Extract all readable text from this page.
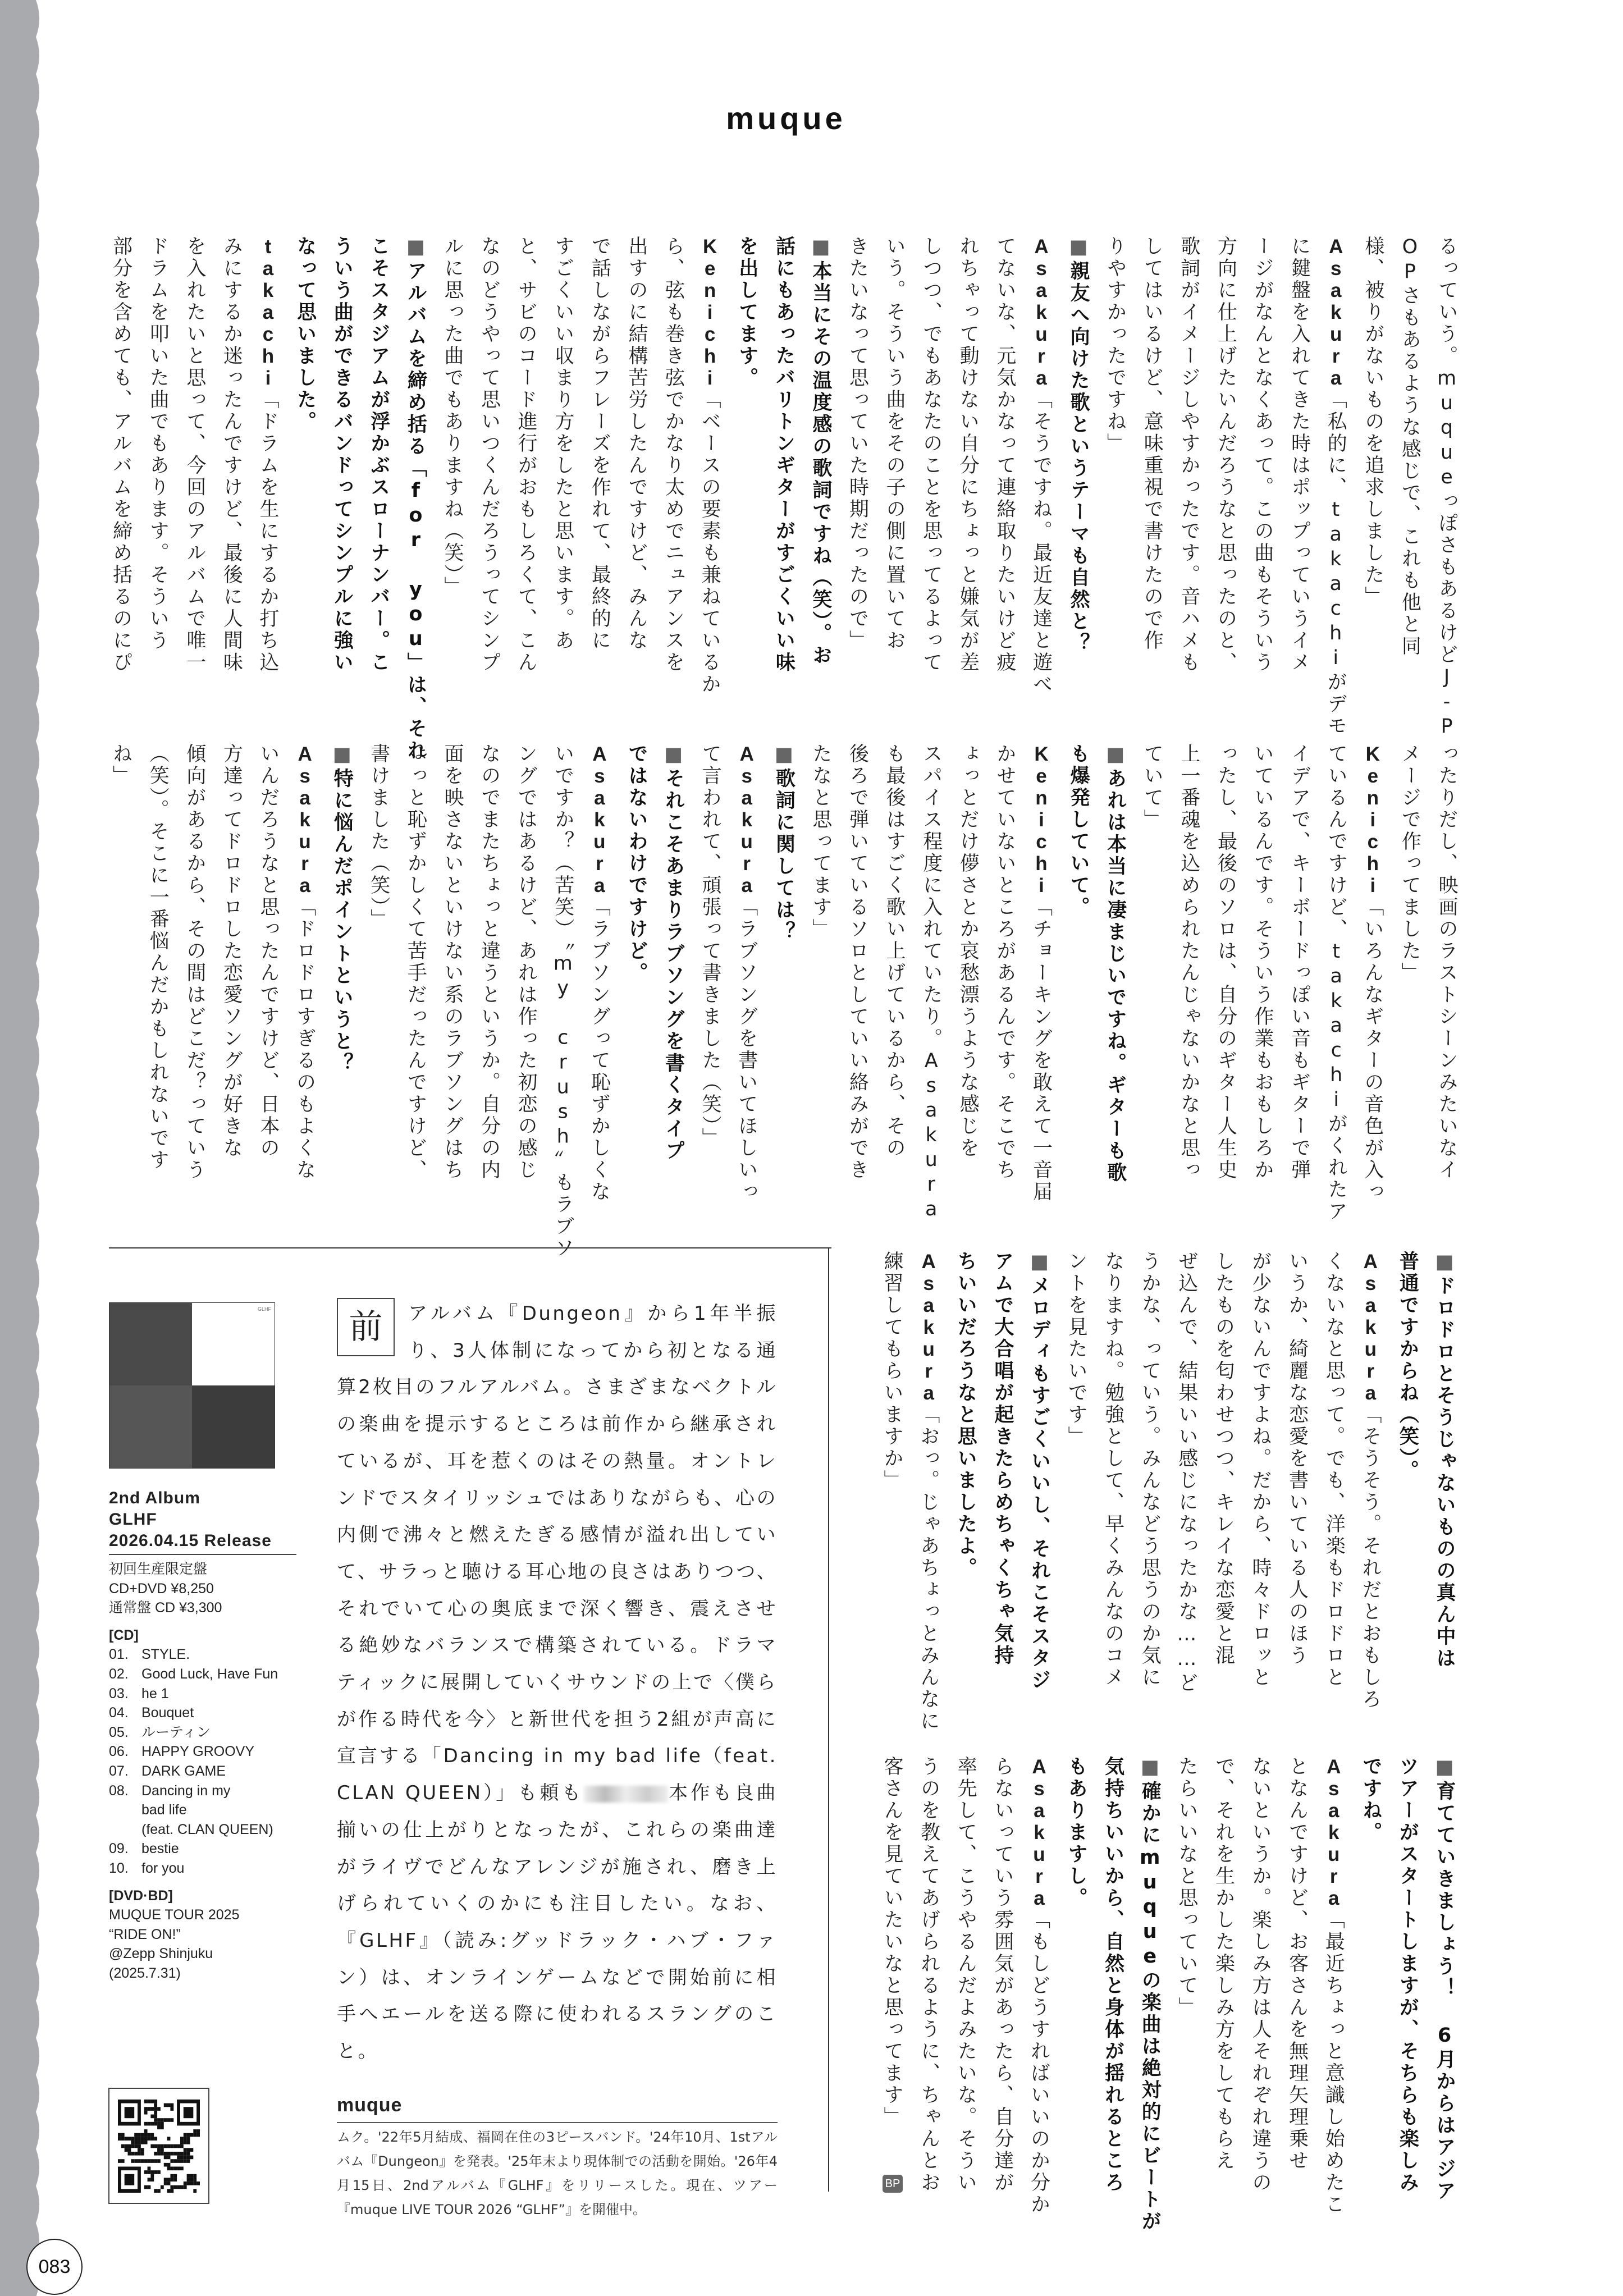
muque
るっていう。muqueっぽさもあるけどJ-P
OPさもあるような感じで、これも他と同
様、被りがないものを追求しました」
Asakura「私的に、takachiがデモ
に鍵盤を入れてきた時はポップっていうイメ
ージがなんとなくあって。この曲もそういう
方向に仕上げたいんだろうなと思ったのと、
歌詞がイメージしやすかったです。音ハメも
してはいるけど、意味重視で書けたので作
りやすかったですね」
■親友へ向けた歌というテーマも自然と？
Asakura「そうですね。最近友達と遊べ
てないな、元気かなって連絡取りたいけど疲
れちゃって動けない自分にちょっと嫌気が差
しつつ、でもあなたのことを思ってるよって
いう。そういう曲をその子の側に置いてお
きたいなって思っていた時期だったので」
■本当にその温度感の歌詞ですね（笑）。お
話にもあったバリトンギターがすごくいい味
を出してます。
Kenichi「ベースの要素も兼ねているか
ら、弦も巻き弦でかなり太めでニュアンスを
出すのに結構苦労したんですけど、みんな
で話しながらフレーズを作れて、最終的に
すごくいい収まり方をしたと思います。あ
と、サビのコード進行がおもしろくて、こん
なのどうやって思いつくんだろうってシンプ
ルに思った曲でもありますね（笑）」
■アルバムを締め括る「for you」は、それ
こそスタジアムが浮かぶスローナンバー。こ
ういう曲ができるバンドってシンプルに強い
なって思いました。
takachi「ドラムを生にするか打ち込
みにするか迷ったんですけど、最後に人間味
を入れたいと思って、今回のアルバムで唯一
ドラムを叩いた曲でもあります。そういう
部分を含めても、アルバムを締め括るのにぴ
ったりだし、映画のラストシーンみたいなイ
メージで作ってました」
Kenichi「いろんなギターの音色が入っ
ているんですけど、takachiがくれたア
イデアで、キーボードっぽい音もギターで弾
いているんです。そういう作業もおもしろか
ったし、最後のソロは、自分のギター人生史
上一番魂を込められたんじゃないかなと思っ
ていて」
■あれは本当に凄まじいですね。ギターも歌
も爆発していて。
Kenichi「チョーキングを敢えて一音届
かせていないところがあるんです。そこでち
ょっとだけ儚さとか哀愁漂うような感じを
スパイス程度に入れていたり。Asakura
も最後はすごく歌い上げているから、その
後ろで弾いているソロとしていい絡みができ
たなと思ってます」
■歌詞に関しては？
Asakura「ラブソングを書いてほしいっ
て言われて、頑張って書きました（笑）」
■それこそあまりラブソングを書くタイプ
ではないわけですけど。
Asakura「ラブソングって恥ずかしくな
いですか？（苦笑）〝my crush〟もラブソ
ングではあるけど、あれは作った初恋の感じ
なのでまたちょっと違うというか。自分の内
面を映さないといけない系のラブソングはち
ょっと恥ずかしくて苦手だったんですけど、
書けました（笑）」
■特に悩んだポイントというと？
Asakura「ドロドロすぎるのもよくな
いんだろうなと思ったんですけど、日本の
方達ってドロドロした恋愛ソングが好きな
傾向があるから、その間はどこだ？っていう
（笑）。そこに一番悩んだかもしれないです
ね」
■ドロドロとそうじゃないものの真ん中は
普通ですからね（笑）。
Asakura「そうそう。それだとおもしろ
くないなと思って。でも、洋楽もドロドロと
いうか、綺麗な恋愛を書いている人のほう
が少ないんですよね。だから、時々ドロッと
したものを匂わせつつ、キレイな恋愛と混
ぜ込んで、結果いい感じになったかな……ど
うかな、っていう。みんなどう思うのか気に
なりますね。勉強として、早くみんなのコメ
ントを見たいです」
■メロディもすごくいいし、それこそスタジ
アムで大合唱が起きたらめちゃくちゃ気持
ちいいだろうなと思いましたよ。
Asakura「おっ。じゃあちょっとみんなに
練習してもらいますか」
■育てていきましょう！ 6月からはアジア
ツアーがスタートしますが、そちらも楽しみ
ですね。
Asakura「最近ちょっと意識し始めたこ
となんですけど、お客さんを無理矢理乗せ
ないというか。楽しみ方は人それぞれ違うの
で、それを生かした楽しみ方をしてもらえ
たらいいなと思っていて」
■確かにmuqueの楽曲は絶対的にビートが
気持ちいいから、自然と身体が揺れるところ
もありますし。
Asakura「もしどうすればいいのか分か
らないっていう雰囲気があったら、自分達が
率先して、こうやるんだよみたいな。そうい
うのを教えてあげられるように、ちゃんとお
客さんを見ていたいなと思ってます」
GLHF
2nd Album
GLHF
2026.04.15 Release
初回生産限定盤
CD+DVD ¥8,250
通常盤 CD ¥3,300
[CD]
01. STYLE.
02. Good Luck, Have Fun
03. he 1
04. Bouquet
05. ルーティン
06. HAPPY GROOVY
07. DARK GAME
08. Dancing in my
bad life
(feat. CLAN QUEEN)
09. bestie
10. for you
[DVD·BD]
MUQUE TOUR 2025
“RIDE ON!”
@Zepp Shinjuku
(2025.7.31)
前	アルバム『Dungeon』から1年半振り、3人体制になってから初となる通算2枚目のフルアルバム。さまざまなベクトルの楽曲を提示するところは前作から継承されているが、耳を惹くのはその熱量。オントレンドでスタイリッシュではありながらも、心の内側で沸々と燃えたぎる感情が溢れ出していて、サラっと聴ける耳心地の良さはありつつ、それでいて心の奥底まで深く響き、震えさせる絶妙なバランスで構築されている。ドラマティックに展開していくサウンドの上で〈僕らが作る時代を今〉と新世代を担う2組が声高に宣言する「Dancing in my bad life（feat. CLAN QUEEN）」も頼も	本作も良曲揃いの仕上がりとなったが、これらの楽曲達がライヴでどんなアレンジが施され、磨き上げられていくのかにも注目したい。なお、『GLHF』（読み:グッドラック・ハブ・ファン）は、オンラインゲームなどで開始前に相手へエールを送る際に使われるスラングのこと。
muque
ムク。'22年5月結成、福岡在住の3ピースバンド。'24年10月、1stアルバム『Dungeon』を発表。'25年末より現体制での活動を開始。'26年4月15日、2ndアルバム『GLHF』をリリースした。現在、ツアー『muque LIVE TOUR 2026 “GLHF”』を開催中。
083
BP
